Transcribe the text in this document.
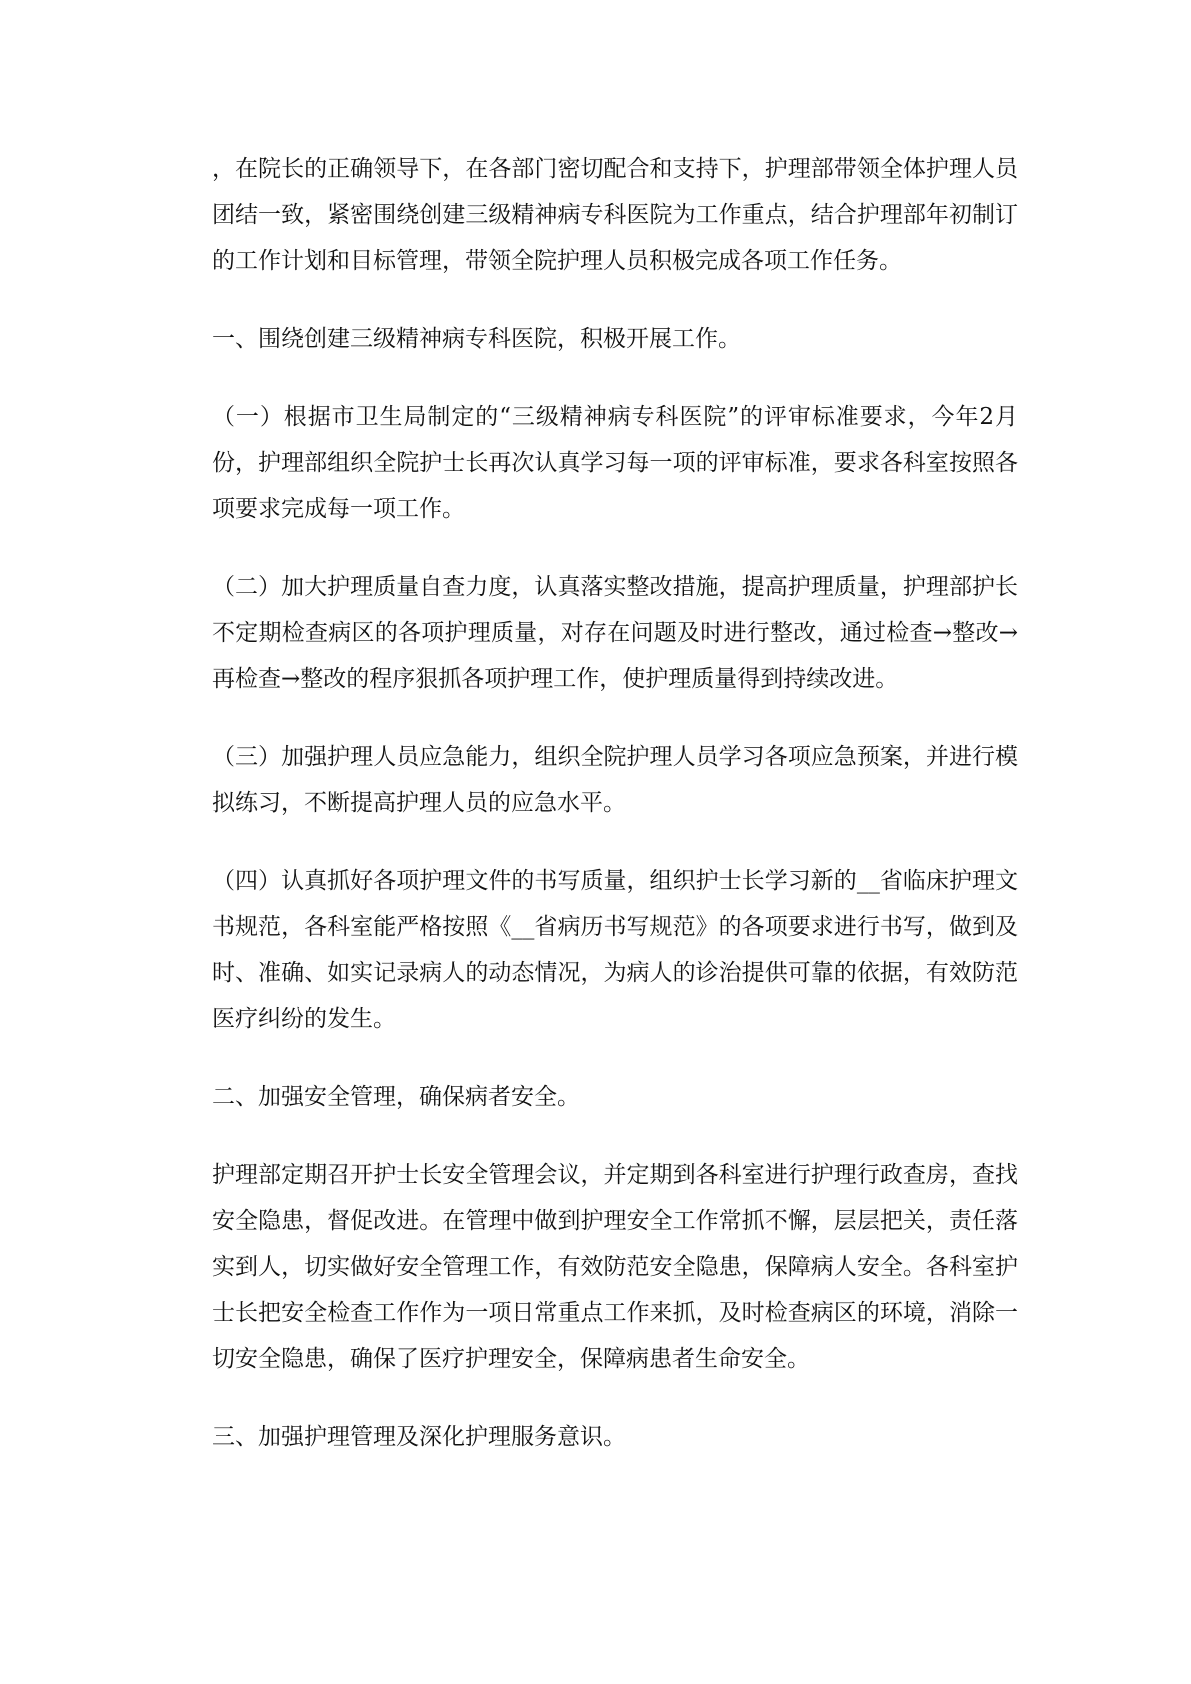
，在院长的正确领导下，在各部门密切配合和支持下，护理部带领全体护理人员团结一致，紧密围绕创建三级精神病专科医院为工作重点，结合护理部年初制订的工作计划和目标管理，带领全院护理人员积极完成各项工作任务。

一、围绕创建三级精神病专科医院，积极开展工作。

（一）根据市卫生局制定的“三级精神病专科医院”的评审标准要求，今年2月份，护理部组织全院护士长再次认真学习每一项的评审标准，要求各科室按照各项要求完成每一项工作。

（二）加大护理质量自查力度，认真落实整改措施，提高护理质量，护理部护长不定期检查病区的各项护理质量，对存在问题及时进行整改，通过检查→整改→再检查→整改的程序狠抓各项护理工作，使护理质量得到持续改进。

（三）加强护理人员应急能力，组织全院护理人员学习各项应急预案，并进行模拟练习，不断提高护理人员的应急水平。

（四）认真抓好各项护理文件的书写质量，组织护士长学习新的__省临床护理文书规范，各科室能严格按照《__省病历书写规范》的各项要求进行书写，做到及时、准确、如实记录病人的动态情况，为病人的诊治提供可靠的依据，有效防范医疗纠纷的发生。

二、加强安全管理，确保病者安全。

护理部定期召开护士长安全管理会议，并定期到各科室进行护理行政查房，查找安全隐患，督促改进。在管理中做到护理安全工作常抓不懈，层层把关，责任落实到人，切实做好安全管理工作，有效防范安全隐患，保障病人安全。各科室护士长把安全检查工作作为一项日常重点工作来抓，及时检查病区的环境，消除一切安全隐患，确保了医疗护理安全，保障病患者生命安全。

三、加强护理管理及深化护理服务意识。
